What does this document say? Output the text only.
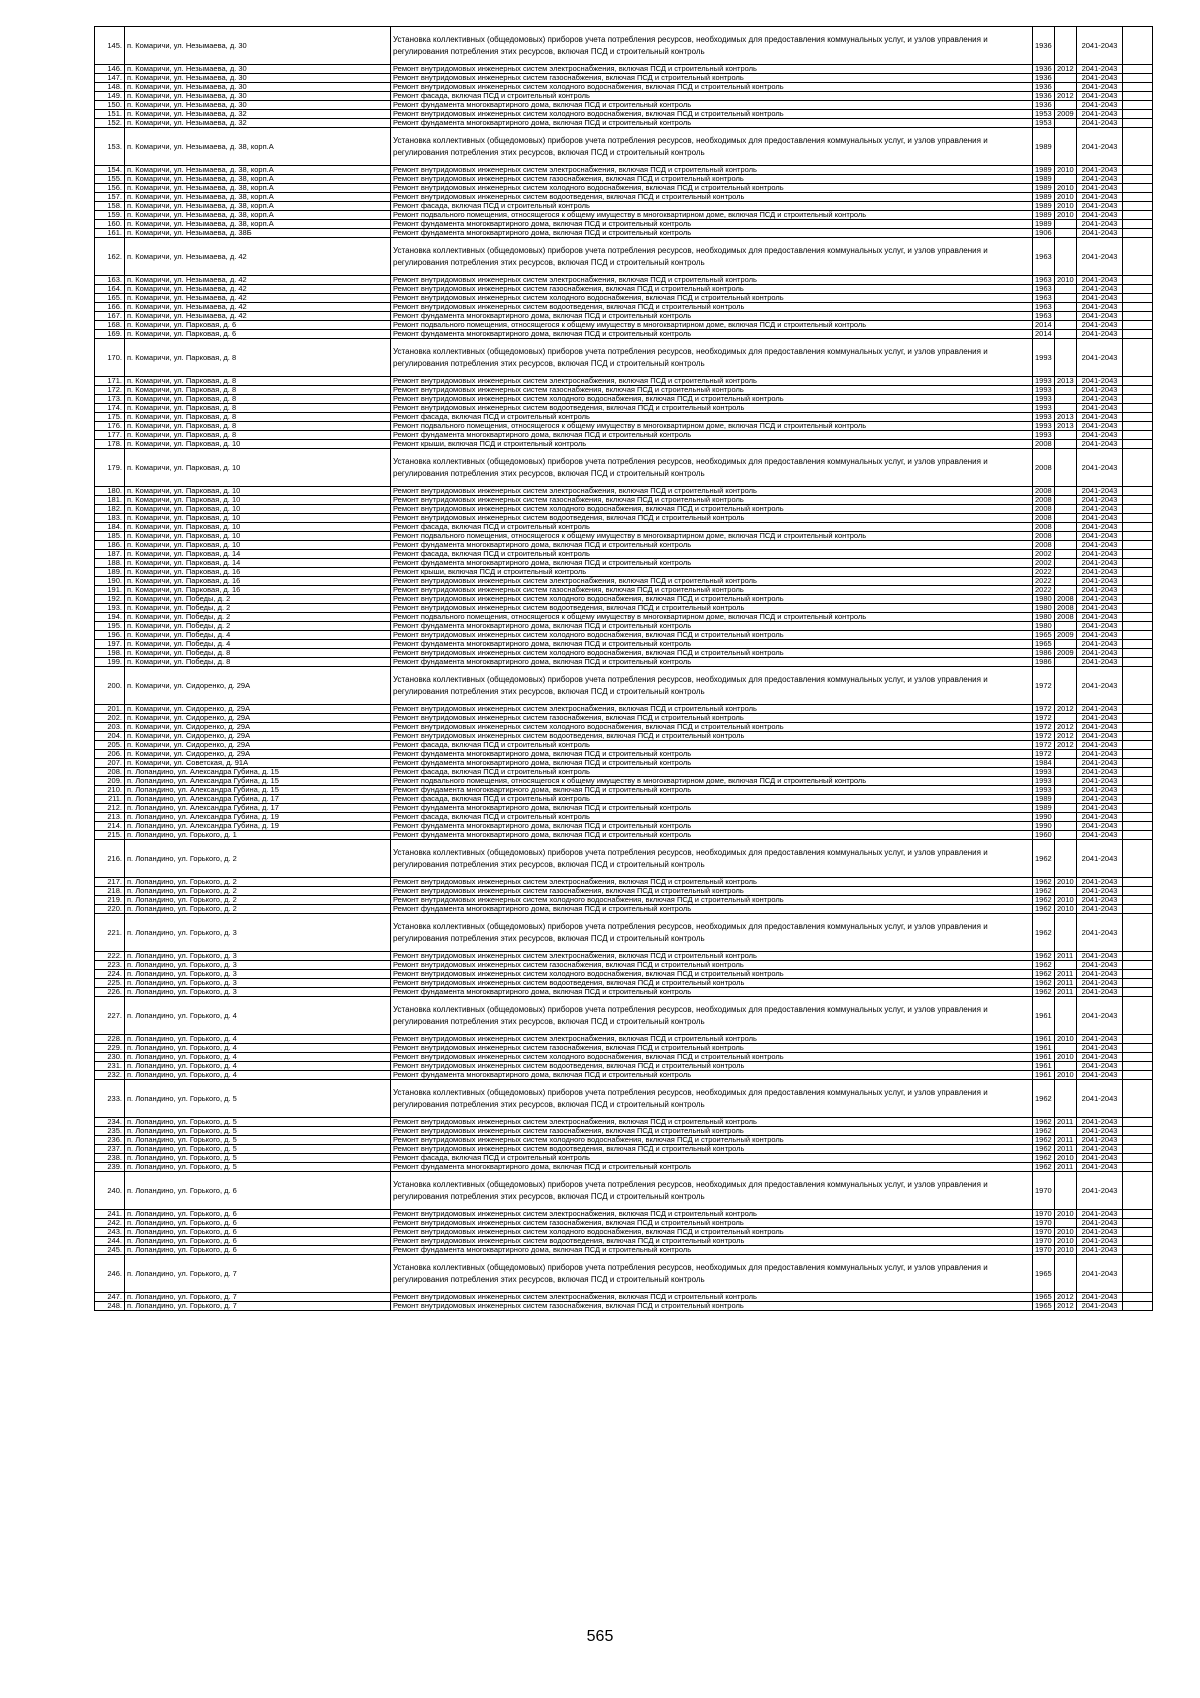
145.	п. Комаричи, ул. Незымаева, д. 30	Установка коллективных (общедомовых) приборов учета потребления ресурсов, необходимых для предоставления коммунальных услуг, и узлов управления и регулирования потребления этих ресурсов, включая ПСД и строительный контроль	1936		2041-2043	
146.	п. Комаричи, ул. Незымаева, д. 30	Ремонт внутридомовых инженерных систем электроснабжения, включая ПСД и строительный контроль	1936	2012	2041-2043	
147.	п. Комаричи, ул. Незымаева, д. 30	Ремонт внутридомовых инженерных систем газоснабжения, включая ПСД и строительный контроль	1936		2041-2043	
148.	п. Комаричи, ул. Незымаева, д. 30	Ремонт внутридомовых инженерных систем холодного водоснабжения, включая ПСД и строительный контроль	1936		2041-2043	
149.	п. Комаричи, ул. Незымаева, д. 30	Ремонт фасада, включая ПСД и строительный контроль	1936	2012	2041-2043	
150.	п. Комаричи, ул. Незымаева, д. 30	Ремонт фундамента многоквартирного дома, включая ПСД и строительный контроль	1936		2041-2043	
151.	п. Комаричи, ул. Незымаева, д. 32	Ремонт внутридомовых инженерных систем холодного водоснабжения, включая ПСД и строительный контроль	1953	2009	2041-2043	
152.	п. Комаричи, ул. Незымаева, д. 32	Ремонт фундамента многоквартирного дома, включая ПСД и строительный контроль	1953		2041-2043	
153.	п. Комаричи, ул. Незымаева, д. 38, корп.А	Установка коллективных (общедомовых) приборов учета потребления ресурсов, необходимых для предоставления коммунальных услуг, и узлов управления и регулирования потребления этих ресурсов, включая ПСД и строительный контроль	1989		2041-2043	
154.	п. Комаричи, ул. Незымаева, д. 38, корп.А	Ремонт внутридомовых инженерных систем электроснабжения, включая ПСД и строительный контроль	1989	2010	2041-2043	
155.	п. Комаричи, ул. Незымаева, д. 38, корп.А	Ремонт внутридомовых инженерных систем газоснабжения, включая ПСД и строительный контроль	1989		2041-2043	
156.	п. Комаричи, ул. Незымаева, д. 38, корп.А	Ремонт внутридомовых инженерных систем холодного водоснабжения, включая ПСД и строительный контроль	1989	2010	2041-2043	
157.	п. Комаричи, ул. Незымаева, д. 38, корп.А	Ремонт внутридомовых инженерных систем водоотведения, включая ПСД и строительный контроль	1989	2010	2041-2043	
158.	п. Комаричи, ул. Незымаева, д. 38, корп.А	Ремонт фасада, включая ПСД и строительный контроль	1989	2010	2041-2043	
159.	п. Комаричи, ул. Незымаева, д. 38, корп.А	Ремонт подвального помещения, относящегося к общему имуществу в многоквартирном доме, включая ПСД и строительный контроль	1989	2010	2041-2043	
160.	п. Комаричи, ул. Незымаева, д. 38, корп.А	Ремонт фундамента многоквартирного дома, включая ПСД и строительный контроль	1989		2041-2043	
161.	п. Комаричи, ул. Незымаева, д. 38Б	Ремонт фундамента многоквартирного дома, включая ПСД и строительный контроль	1906		2041-2043	
162.	п. Комаричи, ул. Незымаева, д. 42	Установка коллективных (общедомовых) приборов учета потребления ресурсов, необходимых для предоставления коммунальных услуг, и узлов управления и регулирования потребления этих ресурсов, включая ПСД и строительный контроль	1963		2041-2043	
163.	п. Комаричи, ул. Незымаева, д. 42	Ремонт внутридомовых инженерных систем электроснабжения, включая ПСД и строительный контроль	1963	2010	2041-2043	
164.	п. Комаричи, ул. Незымаева, д. 42	Ремонт внутридомовых инженерных систем газоснабжения, включая ПСД и строительный контроль	1963		2041-2043	
165.	п. Комаричи, ул. Незымаева, д. 42	Ремонт внутридомовых инженерных систем холодного водоснабжения, включая ПСД и строительный контроль	1963		2041-2043	
166.	п. Комаричи, ул. Незымаева, д. 42	Ремонт внутридомовых инженерных систем водоотведения, включая ПСД и строительный контроль	1963		2041-2043	
167.	п. Комаричи, ул. Незымаева, д. 42	Ремонт фундамента многоквартирного дома, включая ПСД и строительный контроль	1963		2041-2043	
168.	п. Комаричи, ул. Парковая, д. 6	Ремонт подвального помещения, относящегося к общему имуществу в многоквартирном доме, включая ПСД и строительный контроль	2014		2041-2043	
169.	п. Комаричи, ул. Парковая, д. 6	Ремонт фундамента многоквартирного дома, включая ПСД и строительный контроль	2014		2041-2043	
170.	п. Комаричи, ул. Парковая, д. 8	Установка коллективных (общедомовых) приборов учета потребления ресурсов, необходимых для предоставления коммунальных услуг, и узлов управления и регулирования потребления этих ресурсов, включая ПСД и строительный контроль	1993		2041-2043	
171.	п. Комаричи, ул. Парковая, д. 8	Ремонт внутридомовых инженерных систем электроснабжения, включая ПСД и строительный контроль	1993	2013	2041-2043	
172.	п. Комаричи, ул. Парковая, д. 8	Ремонт внутридомовых инженерных систем газоснабжения, включая ПСД и строительный контроль	1993		2041-2043	
173.	п. Комаричи, ул. Парковая, д. 8	Ремонт внутридомовых инженерных систем холодного водоснабжения, включая ПСД и строительный контроль	1993		2041-2043	
174.	п. Комаричи, ул. Парковая, д. 8	Ремонт внутридомовых инженерных систем водоотведения, включая ПСД и строительный контроль	1993		2041-2043	
175.	п. Комаричи, ул. Парковая, д. 8	Ремонт фасада, включая ПСД и строительный контроль	1993	2013	2041-2043	
176.	п. Комаричи, ул. Парковая, д. 8	Ремонт подвального помещения, относящегося к общему имуществу в многоквартирном доме, включая ПСД и строительный контроль	1993	2013	2041-2043	
177.	п. Комаричи, ул. Парковая, д. 8	Ремонт фундамента многоквартирного дома, включая ПСД и строительный контроль	1993		2041-2043	
178.	п. Комаричи, ул. Парковая, д. 10	Ремонт крыши, включая ПСД и строительный контроль	2008		2041-2043	
179.	п. Комаричи, ул. Парковая, д. 10	Установка коллективных (общедомовых) приборов учета потребления ресурсов, необходимых для предоставления коммунальных услуг, и узлов управления и регулирования потребления этих ресурсов, включая ПСД и строительный контроль	2008		2041-2043	
180.	п. Комаричи, ул. Парковая, д. 10	Ремонт внутридомовых инженерных систем электроснабжения, включая ПСД и строительный контроль	2008		2041-2043	
181.	п. Комаричи, ул. Парковая, д. 10	Ремонт внутридомовых инженерных систем газоснабжения, включая ПСД и строительный контроль	2008		2041-2043	
182.	п. Комаричи, ул. Парковая, д. 10	Ремонт внутридомовых инженерных систем холодного водоснабжения, включая ПСД и строительный контроль	2008		2041-2043	
183.	п. Комаричи, ул. Парковая, д. 10	Ремонт внутридомовых инженерных систем водоотведения, включая ПСД и строительный контроль	2008		2041-2043	
184.	п. Комаричи, ул. Парковая, д. 10	Ремонт фасада, включая ПСД и строительный контроль	2008		2041-2043	
185.	п. Комаричи, ул. Парковая, д. 10	Ремонт подвального помещения, относящегося к общему имуществу в многоквартирном доме, включая ПСД и строительный контроль	2008		2041-2043	
186.	п. Комаричи, ул. Парковая, д. 10	Ремонт фундамента многоквартирного дома, включая ПСД и строительный контроль	2008		2041-2043	
187.	п. Комаричи, ул. Парковая, д. 14	Ремонт фасада, включая ПСД и строительный контроль	2002		2041-2043	
188.	п. Комаричи, ул. Парковая, д. 14	Ремонт фундамента многоквартирного дома, включая ПСД и строительный контроль	2002		2041-2043	
189.	п. Комаричи, ул. Парковая, д. 16	Ремонт крыши, включая ПСД и строительный контроль	2022		2041-2043	
190.	п. Комаричи, ул. Парковая, д. 16	Ремонт внутридомовых инженерных систем электроснабжения, включая ПСД и строительный контроль	2022		2041-2043	
191.	п. Комаричи, ул. Парковая, д. 16	Ремонт внутридомовых инженерных систем газоснабжения, включая ПСД и строительный контроль	2022		2041-2043	
192.	п. Комаричи, ул. Победы, д. 2	Ремонт внутридомовых инженерных систем холодного водоснабжения, включая ПСД и строительный контроль	1980	2008	2041-2043	
193.	п. Комаричи, ул. Победы, д. 2	Ремонт внутридомовых инженерных систем водоотведения, включая ПСД и строительный контроль	1980	2008	2041-2043	
194.	п. Комаричи, ул. Победы, д. 2	Ремонт подвального помещения, относящегося к общему имуществу в многоквартирном доме, включая ПСД и строительный контроль	1980	2008	2041-2043	
195.	п. Комаричи, ул. Победы, д. 2	Ремонт фундамента многоквартирного дома, включая ПСД и строительный контроль	1980		2041-2043	
196.	п. Комаричи, ул. Победы, д. 4	Ремонт внутридомовых инженерных систем холодного водоснабжения, включая ПСД и строительный контроль	1965	2009	2041-2043	
197.	п. Комаричи, ул. Победы, д. 4	Ремонт фундамента многоквартирного дома, включая ПСД и строительный контроль	1965		2041-2043	
198.	п. Комаричи, ул. Победы, д. 8	Ремонт внутридомовых инженерных систем холодного водоснабжения, включая ПСД и строительный контроль	1986	2009	2041-2043	
199.	п. Комаричи, ул. Победы, д. 8	Ремонт фундамента многоквартирного дома, включая ПСД и строительный контроль	1986		2041-2043	
200.	п. Комаричи, ул. Сидоренко, д. 29А	Установка коллективных (общедомовых) приборов учета потребления ресурсов, необходимых для предоставления коммунальных услуг, и узлов управления и регулирования потребления этих ресурсов, включая ПСД и строительный контроль	1972		2041-2043	
201.	п. Комаричи, ул. Сидоренко, д. 29А	Ремонт внутридомовых инженерных систем электроснабжения, включая ПСД и строительный контроль	1972	2012	2041-2043	
202.	п. Комаричи, ул. Сидоренко, д. 29А	Ремонт внутридомовых инженерных систем газоснабжения, включая ПСД и строительный контроль	1972		2041-2043	
203.	п. Комаричи, ул. Сидоренко, д. 29А	Ремонт внутридомовых инженерных систем холодного водоснабжения, включая ПСД и строительный контроль	1972	2012	2041-2043	
204.	п. Комаричи, ул. Сидоренко, д. 29А	Ремонт внутридомовых инженерных систем водоотведения, включая ПСД и строительный контроль	1972	2012	2041-2043	
205.	п. Комаричи, ул. Сидоренко, д. 29А	Ремонт фасада, включая ПСД и строительный контроль	1972	2012	2041-2043	
206.	п. Комаричи, ул. Сидоренко, д. 29А	Ремонт фундамента многоквартирного дома, включая ПСД и строительный контроль	1972		2041-2043	
207.	п. Комаричи, ул. Советская, д. 91А	Ремонт фундамента многоквартирного дома, включая ПСД и строительный контроль	1984		2041-2043	
208.	п. Лопандино, ул. Александра Губина, д. 15	Ремонт фасада, включая ПСД и строительный контроль	1993		2041-2043	
209.	п. Лопандино, ул. Александра Губина, д. 15	Ремонт подвального помещения, относящегося к общему имуществу в многоквартирном доме, включая ПСД и строительный контроль	1993		2041-2043	
210.	п. Лопандино, ул. Александра Губина, д. 15	Ремонт фундамента многоквартирного дома, включая ПСД и строительный контроль	1993		2041-2043	
211.	п. Лопандино, ул. Александра Губина, д. 17	Ремонт фасада, включая ПСД и строительный контроль	1989		2041-2043	
212.	п. Лопандино, ул. Александра Губина, д. 17	Ремонт фундамента многоквартирного дома, включая ПСД и строительный контроль	1989		2041-2043	
213.	п. Лопандино, ул. Александра Губина, д. 19	Ремонт фасада, включая ПСД и строительный контроль	1990		2041-2043	
214.	п. Лопандино, ул. Александра Губина, д. 19	Ремонт фундамента многоквартирного дома, включая ПСД и строительный контроль	1990		2041-2043	
215.	п. Лопандино, ул. Горького, д. 1	Ремонт фундамента многоквартирного дома, включая ПСД и строительный контроль	1960		2041-2043	
216.	п. Лопандино, ул. Горького, д. 2	Установка коллективных (общедомовых) приборов учета потребления ресурсов, необходимых для предоставления коммунальных услуг, и узлов управления и регулирования потребления этих ресурсов, включая ПСД и строительный контроль	1962		2041-2043	
217.	п. Лопандино, ул. Горького, д. 2	Ремонт внутридомовых инженерных систем электроснабжения, включая ПСД и строительный контроль	1962	2010	2041-2043	
218.	п. Лопандино, ул. Горького, д. 2	Ремонт внутридомовых инженерных систем газоснабжения, включая ПСД и строительный контроль	1962		2041-2043	
219.	п. Лопандино, ул. Горького, д. 2	Ремонт внутридомовых инженерных систем холодного водоснабжения, включая ПСД и строительный контроль	1962	2010	2041-2043	
220.	п. Лопандино, ул. Горького, д. 2	Ремонт фундамента многоквартирного дома, включая ПСД и строительный контроль	1962	2010	2041-2043	
221.	п. Лопандино, ул. Горького, д. 3	Установка коллективных (общедомовых) приборов учета потребления ресурсов, необходимых для предоставления коммунальных услуг, и узлов управления и регулирования потребления этих ресурсов, включая ПСД и строительный контроль	1962		2041-2043	
222.	п. Лопандино, ул. Горького, д. 3	Ремонт внутридомовых инженерных систем электроснабжения, включая ПСД и строительный контроль	1962	2011	2041-2043	
223.	п. Лопандино, ул. Горького, д. 3	Ремонт внутридомовых инженерных систем газоснабжения, включая ПСД и строительный контроль	1962		2041-2043	
224.	п. Лопандино, ул. Горького, д. 3	Ремонт внутридомовых инженерных систем холодного водоснабжения, включая ПСД и строительный контроль	1962	2011	2041-2043	
225.	п. Лопандино, ул. Горького, д. 3	Ремонт внутридомовых инженерных систем водоотведения, включая ПСД и строительный контроль	1962	2011	2041-2043	
226.	п. Лопандино, ул. Горького, д. 3	Ремонт фундамента многоквартирного дома, включая ПСД и строительный контроль	1962	2011	2041-2043	
227.	п. Лопандино, ул. Горького, д. 4	Установка коллективных (общедомовых) приборов учета потребления ресурсов, необходимых для предоставления коммунальных услуг, и узлов управления и регулирования потребления этих ресурсов, включая ПСД и строительный контроль	1961		2041-2043	
228.	п. Лопандино, ул. Горького, д. 4	Ремонт внутридомовых инженерных систем электроснабжения, включая ПСД и строительный контроль	1961	2010	2041-2043	
229.	п. Лопандино, ул. Горького, д. 4	Ремонт внутридомовых инженерных систем газоснабжения, включая ПСД и строительный контроль	1961		2041-2043	
230.	п. Лопандино, ул. Горького, д. 4	Ремонт внутридомовых инженерных систем холодного водоснабжения, включая ПСД и строительный контроль	1961	2010	2041-2043	
231.	п. Лопандино, ул. Горького, д. 4	Ремонт внутридомовых инженерных систем водоотведения, включая ПСД и строительный контроль	1961		2041-2043	
232.	п. Лопандино, ул. Горького, д. 4	Ремонт фундамента многоквартирного дома, включая ПСД и строительный контроль	1961	2010	2041-2043	
233.	п. Лопандино, ул. Горького, д. 5	Установка коллективных (общедомовых) приборов учета потребления ресурсов, необходимых для предоставления коммунальных услуг, и узлов управления и регулирования потребления этих ресурсов, включая ПСД и строительный контроль	1962		2041-2043	
234.	п. Лопандино, ул. Горького, д. 5	Ремонт внутридомовых инженерных систем электроснабжения, включая ПСД и строительный контроль	1962	2011	2041-2043	
235.	п. Лопандино, ул. Горького, д. 5	Ремонт внутридомовых инженерных систем газоснабжения, включая ПСД и строительный контроль	1962		2041-2043	
236.	п. Лопандино, ул. Горького, д. 5	Ремонт внутридомовых инженерных систем холодного водоснабжения, включая ПСД и строительный контроль	1962	2011	2041-2043	
237.	п. Лопандино, ул. Горького, д. 5	Ремонт внутридомовых инженерных систем водоотведения, включая ПСД и строительный контроль	1962	2011	2041-2043	
238.	п. Лопандино, ул. Горького, д. 5	Ремонт фасада, включая ПСД и строительный контроль	1962	2010	2041-2043	
239.	п. Лопандино, ул. Горького, д. 5	Ремонт фундамента многоквартирного дома, включая ПСД и строительный контроль	1962	2011	2041-2043	
240.	п. Лопандино, ул. Горького, д. 6	Установка коллективных (общедомовых) приборов учета потребления ресурсов, необходимых для предоставления коммунальных услуг, и узлов управления и регулирования потребления этих ресурсов, включая ПСД и строительный контроль	1970		2041-2043	
241.	п. Лопандино, ул. Горького, д. 6	Ремонт внутридомовых инженерных систем электроснабжения, включая ПСД и строительный контроль	1970	2010	2041-2043	
242.	п. Лопандино, ул. Горького, д. 6	Ремонт внутридомовых инженерных систем газоснабжения, включая ПСД и строительный контроль	1970		2041-2043	
243.	п. Лопандино, ул. Горького, д. 6	Ремонт внутридомовых инженерных систем холодного водоснабжения, включая ПСД и строительный контроль	1970	2010	2041-2043	
244.	п. Лопандино, ул. Горького, д. 6	Ремонт внутридомовых инженерных систем водоотведения, включая ПСД и строительный контроль	1970	2010	2041-2043	
245.	п. Лопандино, ул. Горького, д. 6	Ремонт фундамента многоквартирного дома, включая ПСД и строительный контроль	1970	2010	2041-2043	
246.	п. Лопандино, ул. Горького, д. 7	Установка коллективных (общедомовых) приборов учета потребления ресурсов, необходимых для предоставления коммунальных услуг, и узлов управления и регулирования потребления этих ресурсов, включая ПСД и строительный контроль	1965		2041-2043	
247.	п. Лопандино, ул. Горького, д. 7	Ремонт внутридомовых инженерных систем электроснабжения, включая ПСД и строительный контроль	1965	2012	2041-2043	
248.	п. Лопандино, ул. Горького, д. 7	Ремонт внутридомовых инженерных систем газоснабжения, включая ПСД и строительный контроль	1965	2012	2041-2043	
565
